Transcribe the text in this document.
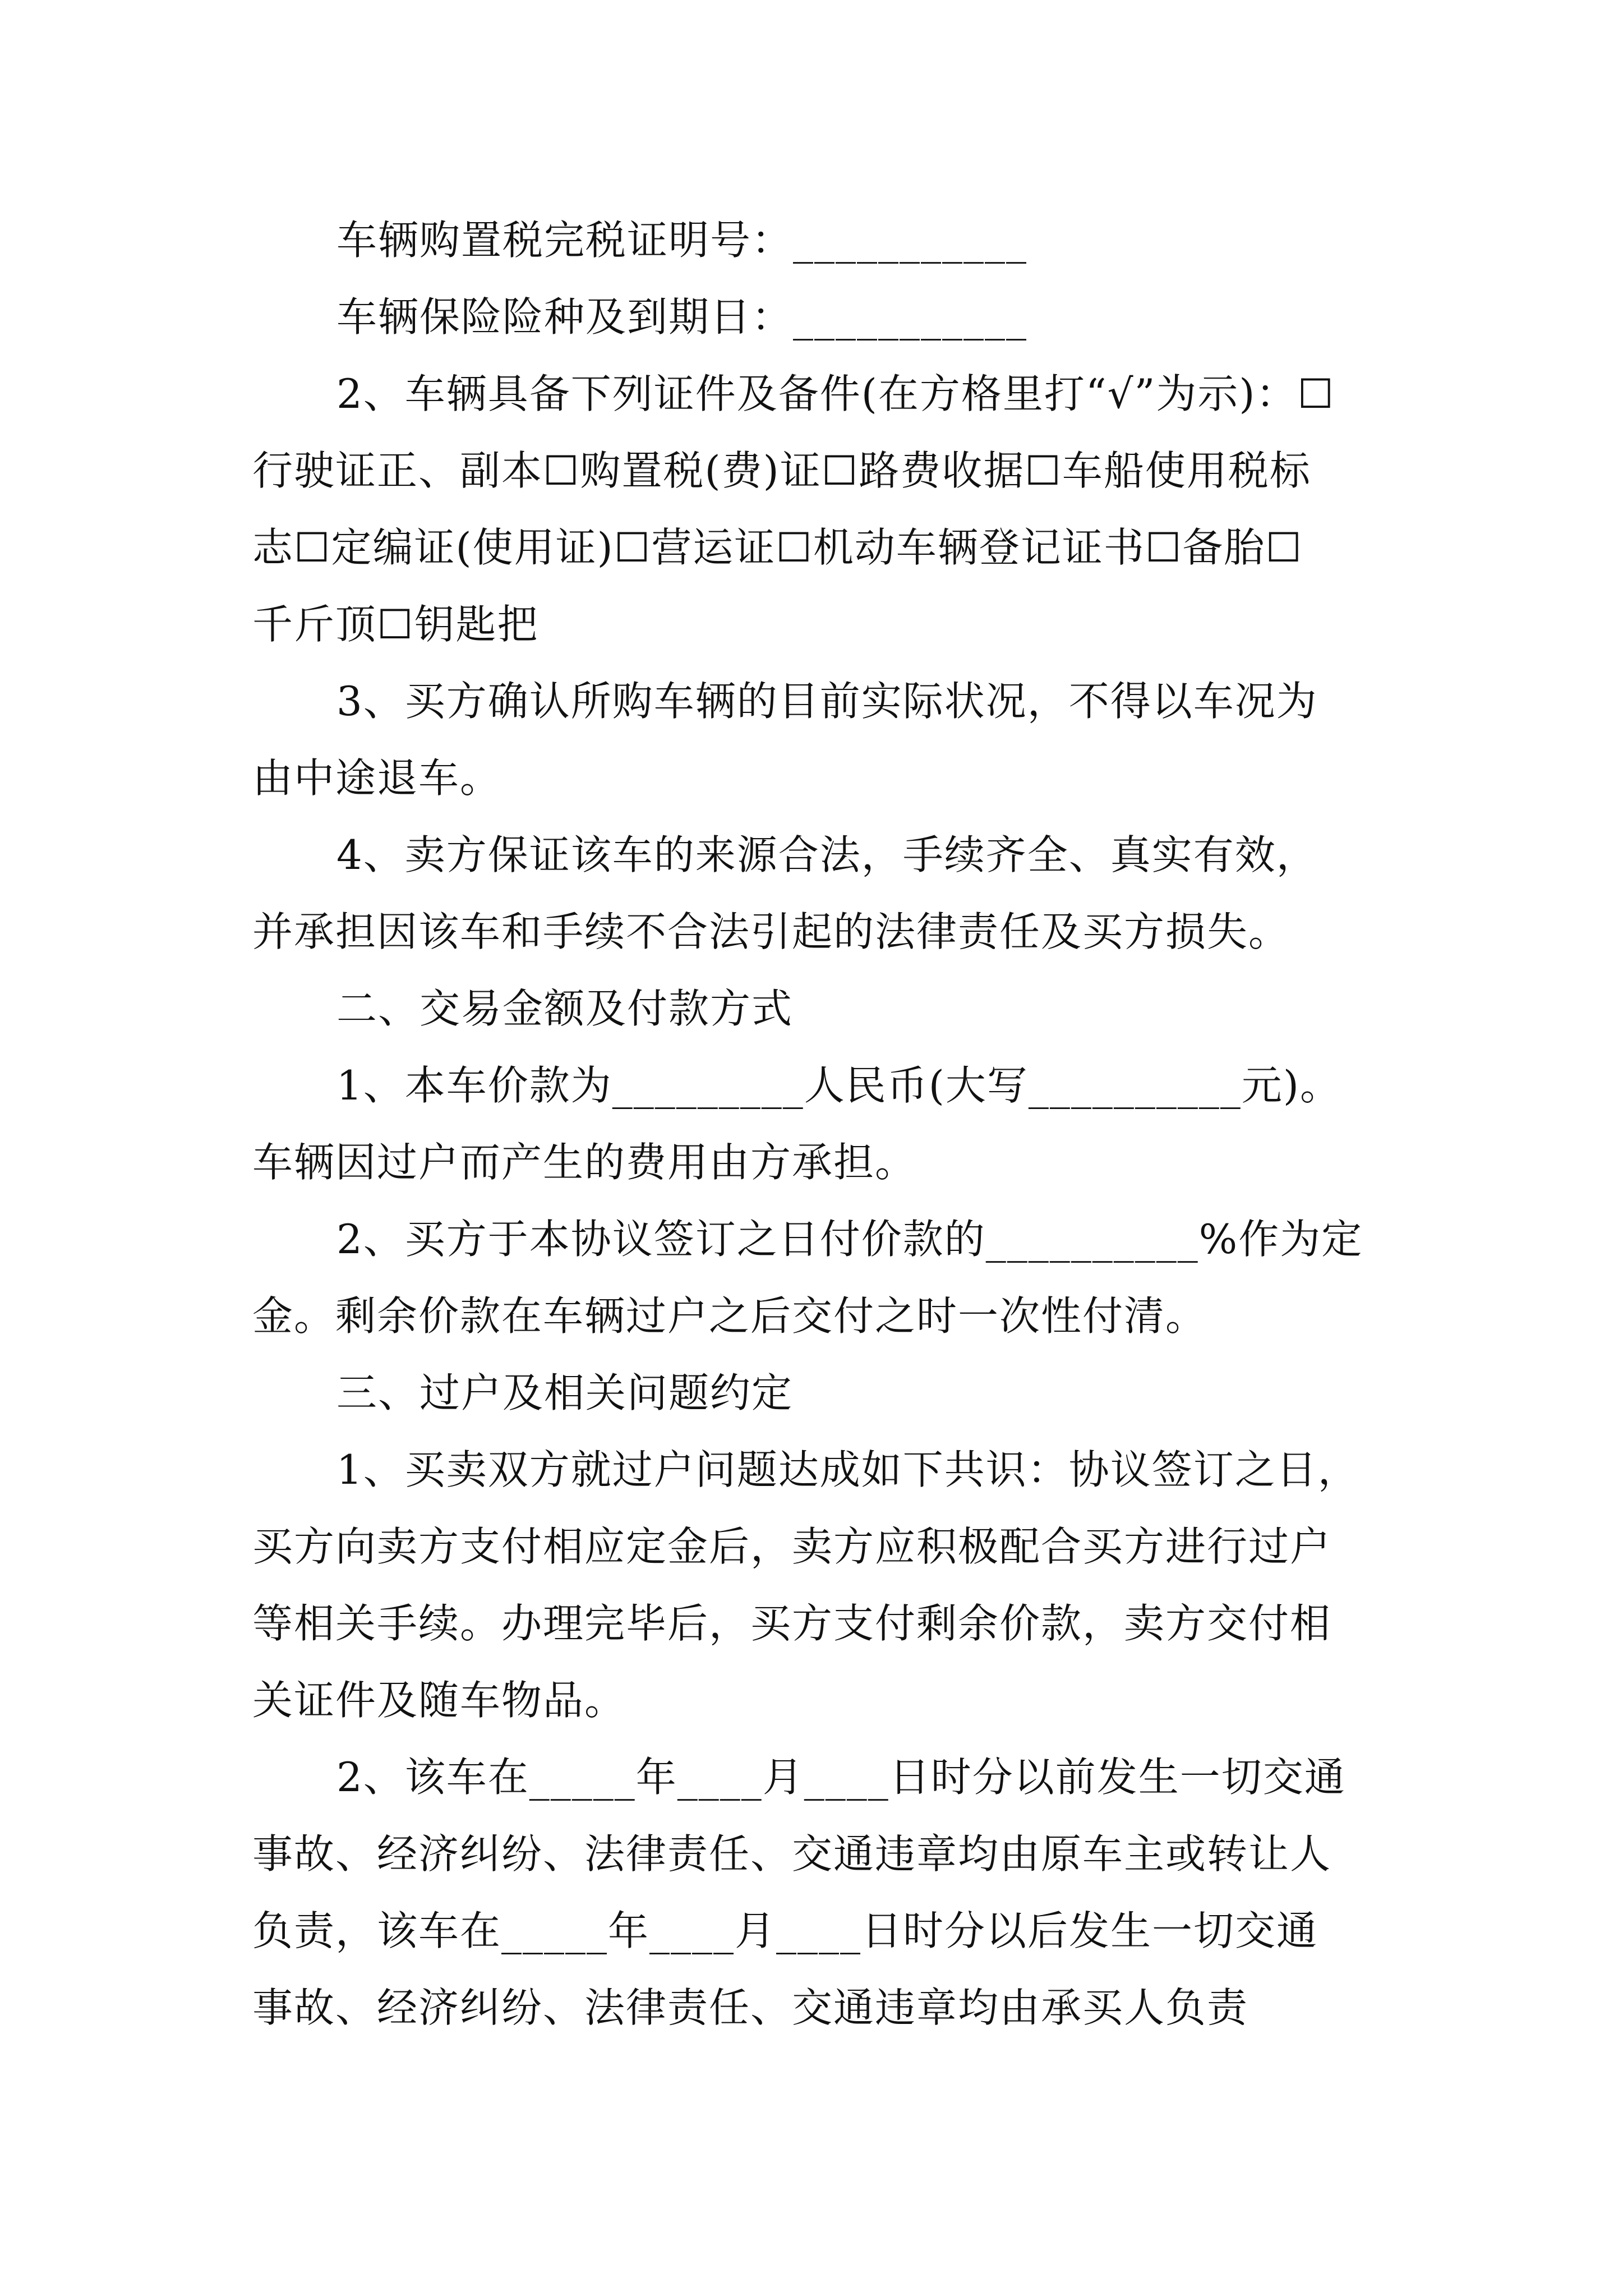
车辆购置税完税证明号：___________
车辆保险险种及到期日：___________
2、车辆具备下列证件及备件(在方格里打“√”为示)：☐
行驶证正、副本☐购置税(费)证☐路费收据☐车船使用税标
志☐定编证(使用证)☐营运证☐机动车辆登记证书☐备胎☐
千斤顶☐钥匙把
3、买方确认所购车辆的目前实际状况，不得以车况为
由中途退车。
4、卖方保证该车的来源合法，手续齐全、真实有效，
并承担因该车和手续不合法引起的法律责任及买方损失。
二、交易金额及付款方式
1、本车价款为_________人民币(大写__________元)。
车辆因过户而产生的费用由方承担。
2、买方于本协议签订之日付价款的__________%作为定
金。剩余价款在车辆过户之后交付之时一次性付清。
三、过户及相关问题约定
1、买卖双方就过户问题达成如下共识：协议签订之日，
买方向卖方支付相应定金后，卖方应积极配合买方进行过户
等相关手续。办理完毕后，买方支付剩余价款，卖方交付相
关证件及随车物品。
2、该车在_____年____月____日时分以前发生一切交通
事故、经济纠纷、法律责任、交通违章均由原车主或转让人
负责，该车在_____年____月____日时分以后发生一切交通
事故、经济纠纷、法律责任、交通违章均由承买人负责
